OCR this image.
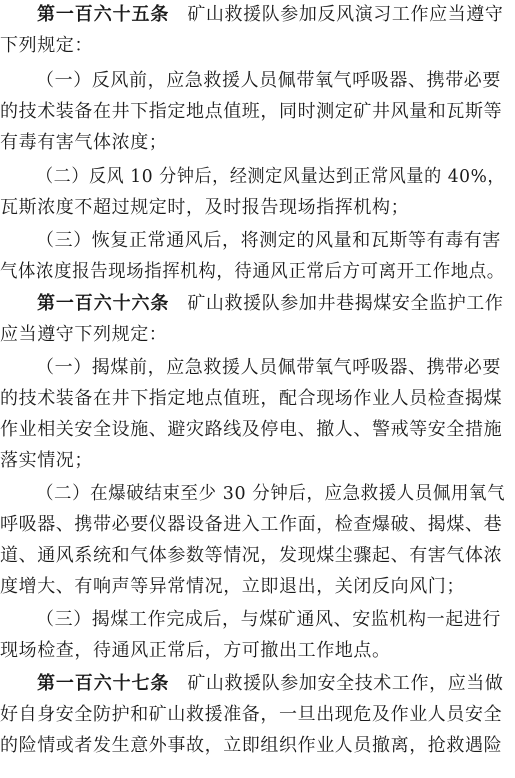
第一百六十五条 矿山救援队参加反风演习工作应当遵守
下列规定：
（一）反风前，应急救援人员佩带氧气呼吸器、携带必要
的技术装备在井下指定地点值班，同时测定矿井风量和瓦斯等
有毒有害气体浓度；
（二）反风 10 分钟后，经测定风量达到正常风量的 40%，
瓦斯浓度不超过规定时，及时报告现场指挥机构；
（三）恢复正常通风后，将测定的风量和瓦斯等有毒有害
气体浓度报告现场指挥机构，待通风正常后方可离开工作地点。
第一百六十六条 矿山救援队参加井巷揭煤安全监护工作
应当遵守下列规定：
（一）揭煤前，应急救援人员佩带氧气呼吸器、携带必要
的技术装备在井下指定地点值班，配合现场作业人员检查揭煤
作业相关安全设施、避灾路线及停电、撤人、警戒等安全措施
落实情况；
（二）在爆破结束至少 30 分钟后，应急救援人员佩用氧气
呼吸器、携带必要仪器设备进入工作面，检查爆破、揭煤、巷
道、通风系统和气体参数等情况，发现煤尘骤起、有害气体浓
度增大、有响声等异常情况，立即退出，关闭反向风门；
（三）揭煤工作完成后，与煤矿通风、安监机构一起进行
现场检查，待通风正常后，方可撤出工作地点。
第一百六十七条 矿山救援队参加安全技术工作，应当做
好自身安全防护和矿山救援准备，一旦出现危及作业人员安全
的险情或者发生意外事故，立即组织作业人员撤离，抢救遇险
